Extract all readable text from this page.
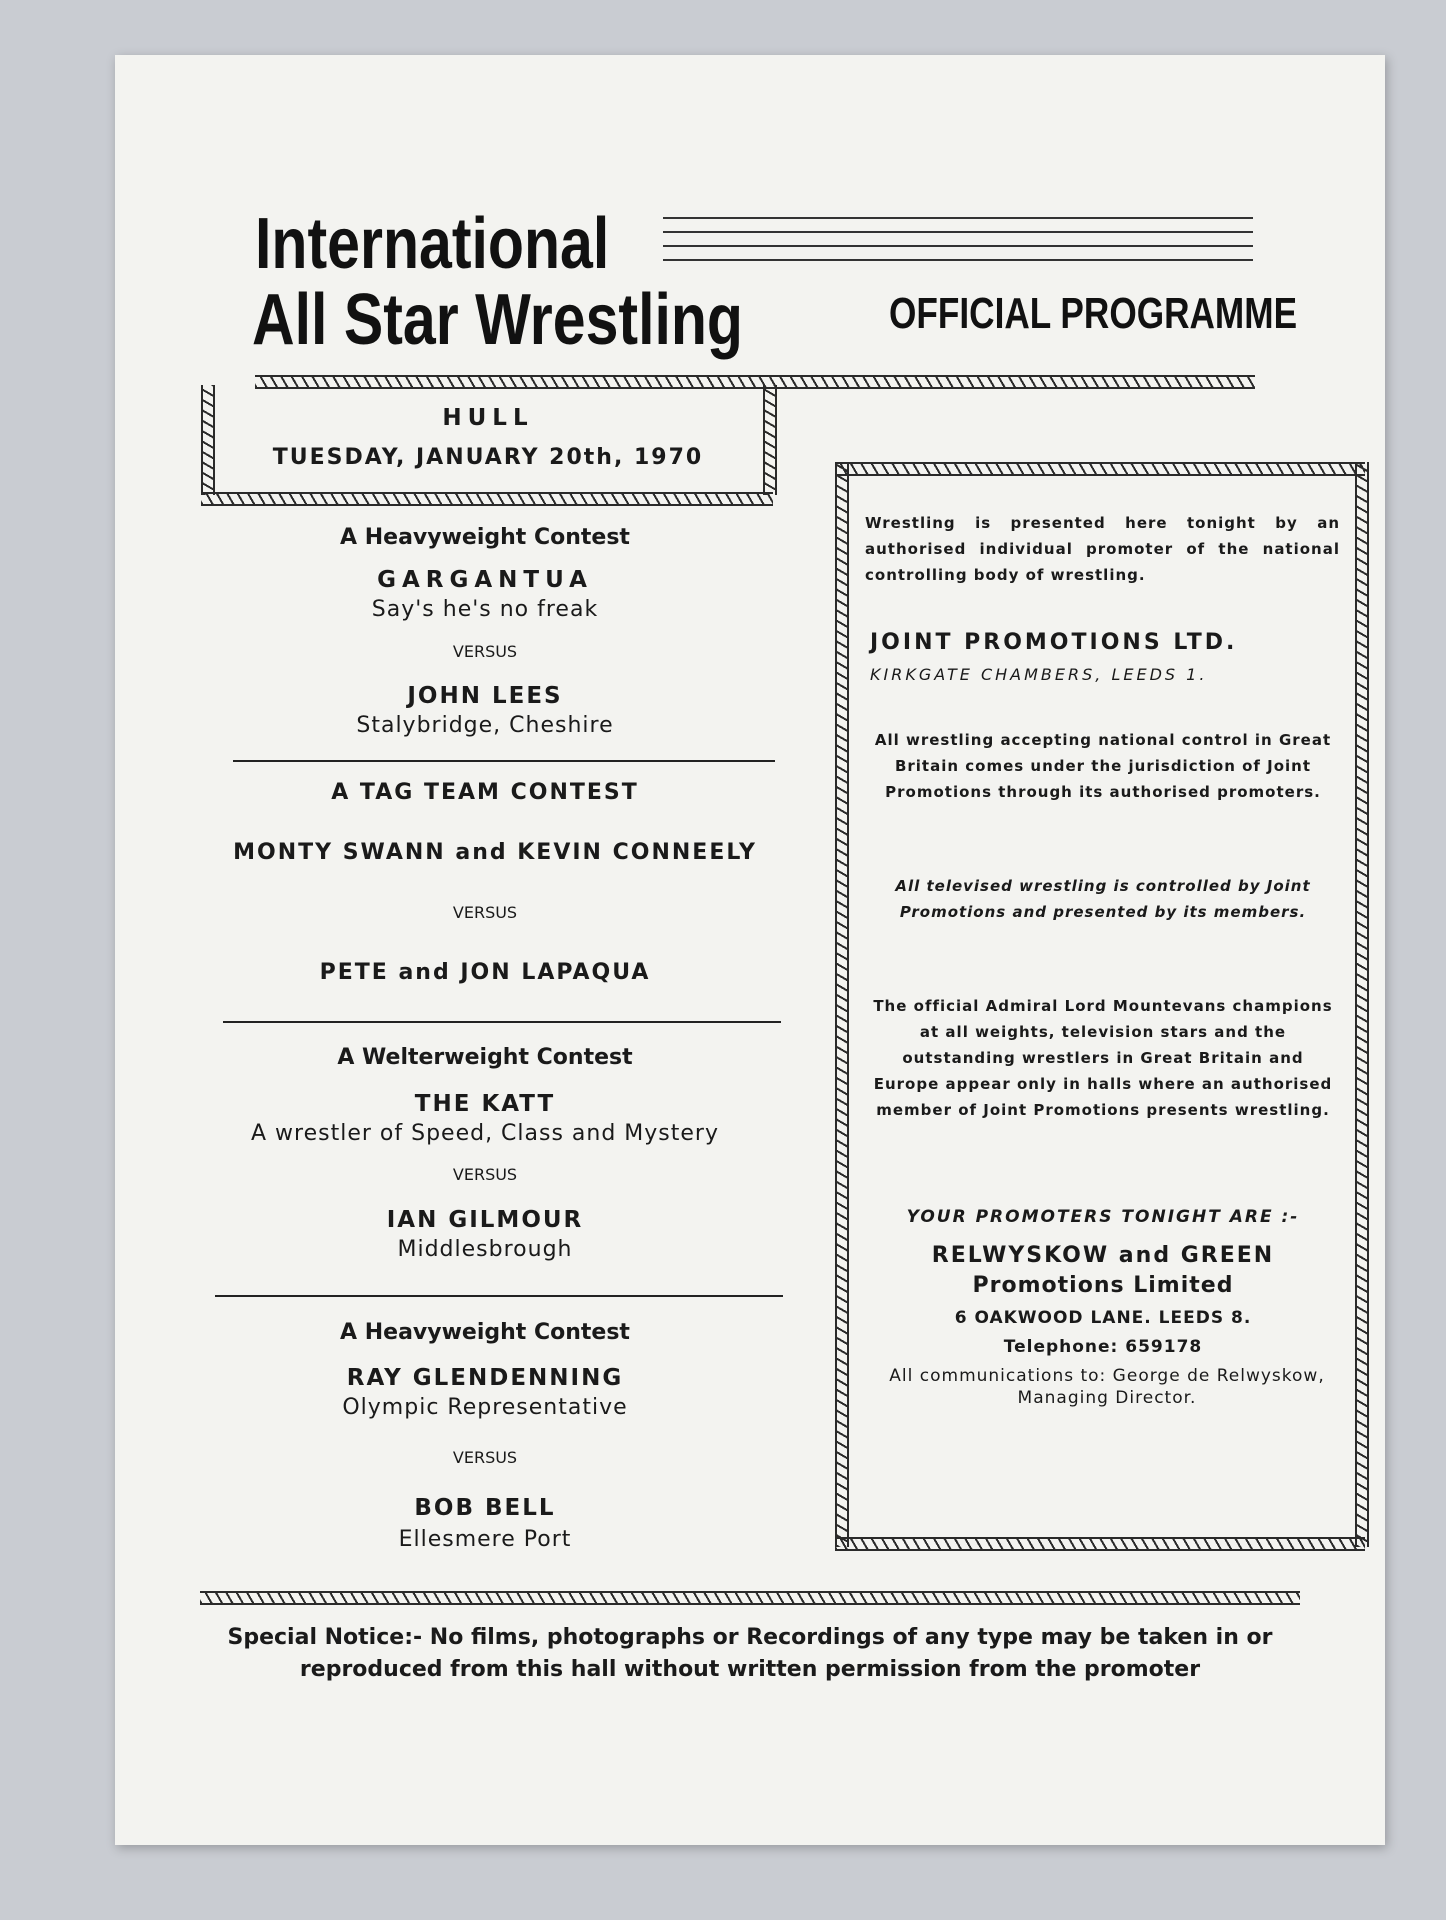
International
All Star Wrestling	OFFICIAL PROGRAMME
HULL
TUESDAY, JANUARY 20th, 1970
A Heavyweight Contest
GARGANTUA
Say's he's no freak
VERSUS
JOHN LEES
Stalybridge, Cheshire
A TAG TEAM CONTEST
MONTY SWANN and KEVIN CONNEELY
VERSUS
PETE and JON LAPAQUA
A Welterweight Contest
THE KATT
A wrestler of Speed, Class and Mystery
VERSUS
IAN GILMOUR
Middlesbrough
A Heavyweight Contest
RAY GLENDENNING
Olympic Representative
VERSUS
BOB BELL
Ellesmere Port
Wrestling is presented here tonight by an authorised individual promoter of the national controlling body of wrestling.
JOINT PROMOTIONS LTD.
KIRKGATE CHAMBERS, LEEDS 1.
All wrestling accepting national control in Great Britain comes under the jurisdiction of Joint Promotions through its authorised promoters.
All televised wrestling is controlled by Joint Promotions and presented by its members.
The official Admiral Lord Mountevans champions at all weights, television stars and the outstanding wrestlers in Great Britain and Europe appear only in halls where an authorised member of Joint Promotions presents wrestling.
YOUR PROMOTERS TONIGHT ARE :-
RELWYSKOW and GREEN
Promotions Limited
6 OAKWOOD LANE. LEEDS 8.
Telephone: 659178
All communications to: George de Relwyskow, Managing Director.
Special Notice:- No films, photographs or Recordings of any type may be taken in or
reproduced from this hall without written permission from the promoter
